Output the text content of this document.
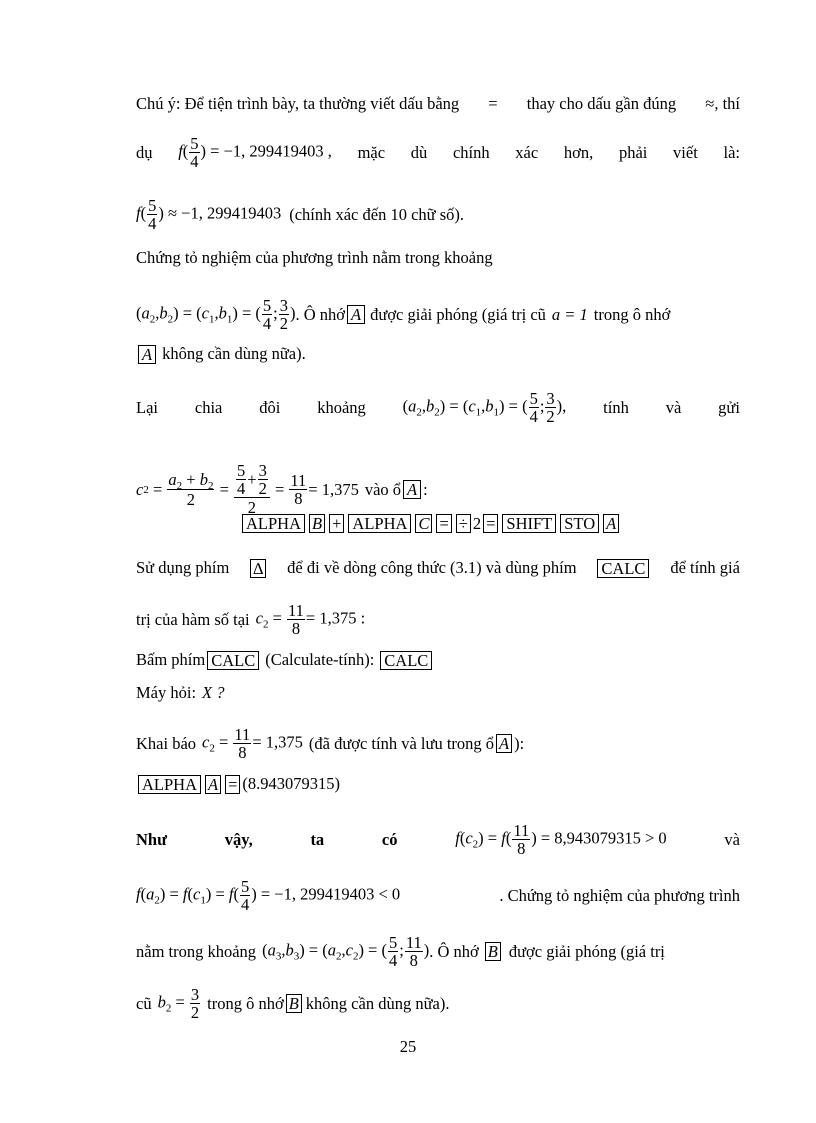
Chú ý: Để tiện trình bày, ta thường viết dấu bằng = thay cho dấu gần đúng ≈, thí
dụ $f( \frac{5}{4}$ ) = −1, 299419403 , mặc dù chính xác hơn, phải viết là:
$f( \frac{5}{4}$ ) ≈ −1, 299419403 (chính xác đến 10 chữ số).
Chứng tỏ nghiệm của phương trình nằm trong khoảng
$(a_2,b_2) = (c_1,b_1)$ = ( $\frac{5}{4}$ ; $\frac{3}{2}$ ) . Ô nhớ A được giải phóng (giá trị cũ a = 1 trong ô nhớ
A không cần dùng nữa).
Lại chia đôi khoảng $(a_2,b_2) = (c_1,b_1)$ = ( $\frac{5}{4}$ ; $\frac{3}{2}$ ), tính và gửi
c $2 = a_2 + b_2$
2
=
5
$4 + \frac{3}{2}$
2
= $\frac{11}{8} = 1,375$ vào ổ A :
ALPHA B + ALPHA C = ÷ 2 = SHIFT STO A
Sử dụng phím ∆ để đi về dòng công thức (3.1) và dùng phím CALC để tính giá
trị của hàm số tại $c_2 = \frac{11}{8} = 1,375$ :
Bấm phím CALC (Calculate-tính): CALC
Máy hỏi: X ?
Khai báo $c_2 = \frac{11}{8} = 1,375$ (đã được tính và lưu trong ổ A ):
ALPHA A = (8.943079315)
Như	vậy,	ta	có	$f(c_2) = f( \frac{11}{8}$ ) = 8,943079315 > 0	và
$f(a_2) = f(c_1) = f( \frac{5}{4}$ ) = −1, 299419403 < 0	. Chứng tỏ nghiệm của phương trình
nằm trong khoảng $(a_3,b_3) = (a_2,c_2)$ = ( $\frac{5}{4}$ ; $\frac{11}{8}$ ) . Ô nhớ B được giải phóng (giá trị
cũ $b_2 = \frac{3}{2}$ trong ô nhớ B không cần dùng nữa).
25
